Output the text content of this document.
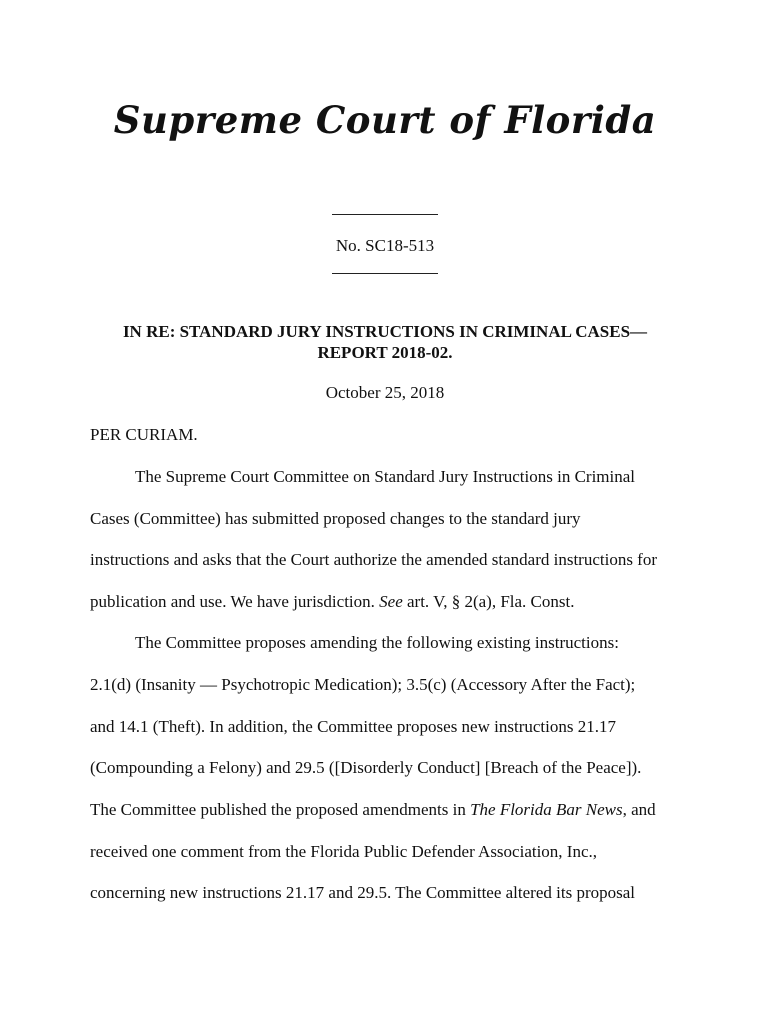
Supreme Court of Florida
No. SC18-513
IN RE: STANDARD JURY INSTRUCTIONS IN CRIMINAL CASES—
REPORT 2018-02.
October 25, 2018
PER CURIAM.
The Supreme Court Committee on Standard Jury Instructions in Criminal
Cases (Committee) has submitted proposed changes to the standard jury
instructions and asks that the Court authorize the amended standard instructions for
publication and use. We have jurisdiction. See art. V, § 2(a), Fla. Const.
The Committee proposes amending the following existing instructions:
2.1(d) (Insanity — Psychotropic Medication); 3.5(c) (Accessory After the Fact);
and 14.1 (Theft). In addition, the Committee proposes new instructions 21.17
(Compounding a Felony) and 29.5 ([Disorderly Conduct] [Breach of the Peace]).
The Committee published the proposed amendments in The Florida Bar News, and
received one comment from the Florida Public Defender Association, Inc.,
concerning new instructions 21.17 and 29.5. The Committee altered its proposal
